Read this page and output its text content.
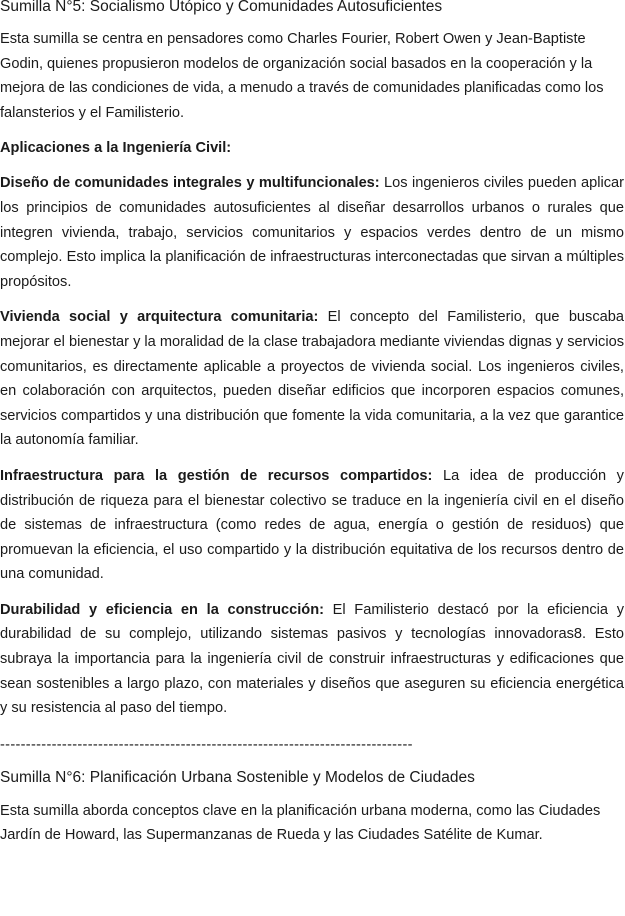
Sumilla N°5: Socialismo Utópico y Comunidades Autosuficientes

Esta sumilla se centra en pensadores como Charles Fourier, Robert Owen y Jean-Baptiste Godin, quienes propusieron modelos de organización social basados en la cooperación y la mejora de las condiciones de vida, a menudo a través de comunidades planificadas como los falansterios y el Familisterio.

Aplicaciones a la Ingeniería Civil:

Diseño de comunidades integrales y multifuncionales: Los ingenieros civiles pueden aplicar los principios de comunidades autosuficientes al diseñar desarrollos urbanos o rurales que integren vivienda, trabajo, servicios comunitarios y espacios verdes dentro de un mismo complejo. Esto implica la planificación de infraestructuras interconectadas que sirvan a múltiples propósitos.

Vivienda social y arquitectura comunitaria: El concepto del Familisterio, que buscaba mejorar el bienestar y la moralidad de la clase trabajadora mediante viviendas dignas y servicios comunitarios, es directamente aplicable a proyectos de vivienda social. Los ingenieros civiles, en colaboración con arquitectos, pueden diseñar edificios que incorporen espacios comunes, servicios compartidos y una distribución que fomente la vida comunitaria, a la vez que garantice la autonomía familiar.

Infraestructura para la gestión de recursos compartidos: La idea de producción y distribución de riqueza para el bienestar colectivo se traduce en la ingeniería civil en el diseño de sistemas de infraestructura (como redes de agua, energía o gestión de residuos) que promuevan la eficiencia, el uso compartido y la distribución equitativa de los recursos dentro de una comunidad.

Durabilidad y eficiencia en la construcción: El Familisterio destacó por la eficiencia y durabilidad de su complejo, utilizando sistemas pasivos y tecnologías innovadoras8. Esto subraya la importancia para la ingeniería civil de construir infraestructuras y edificaciones que sean sostenibles a largo plazo, con materiales y diseños que aseguren su eficiencia energética y su resistencia al paso del tiempo.

--------------------------------------------------------------------------------

Sumilla N°6: Planificación Urbana Sostenible y Modelos de Ciudades

Esta sumilla aborda conceptos clave en la planificación urbana moderna, como las Ciudades Jardín de Howard, las Supermanzanas de Rueda y las Ciudades Satélite de Kumar.
